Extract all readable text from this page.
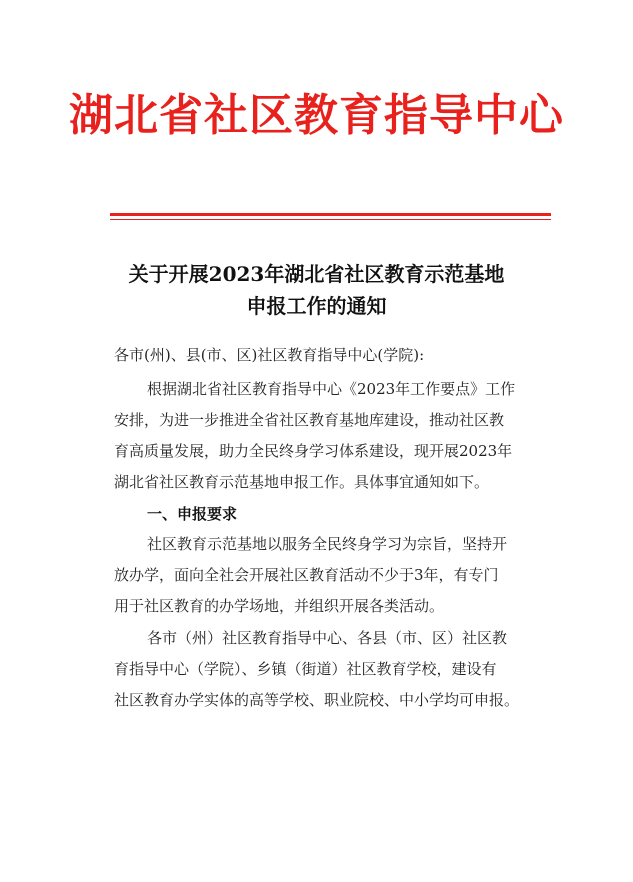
湖北省社区教育指导中心
关于开展2023年湖北省社区教育示范基地
申报工作的通知
各市(州)、县(市、区)社区教育指导中心(学院):
根据湖北省社区教育指导中心《2023年工作要点》工作
安排，为进一步推进全省社区教育基地库建设，推动社区教
育高质量发展，助力全民终身学习体系建设，现开展2023年
湖北省社区教育示范基地申报工作。具体事宜通知如下。
一、申报要求
社区教育示范基地以服务全民终身学习为宗旨，坚持开
放办学，面向全社会开展社区教育活动不少于3年，有专门
用于社区教育的办学场地，并组织开展各类活动。
各市（州）社区教育指导中心、各县（市、区）社区教
育指导中心（学院）、乡镇（街道）社区教育学校，建设有
社区教育办学实体的高等学校、职业院校、中小学均可申报。
